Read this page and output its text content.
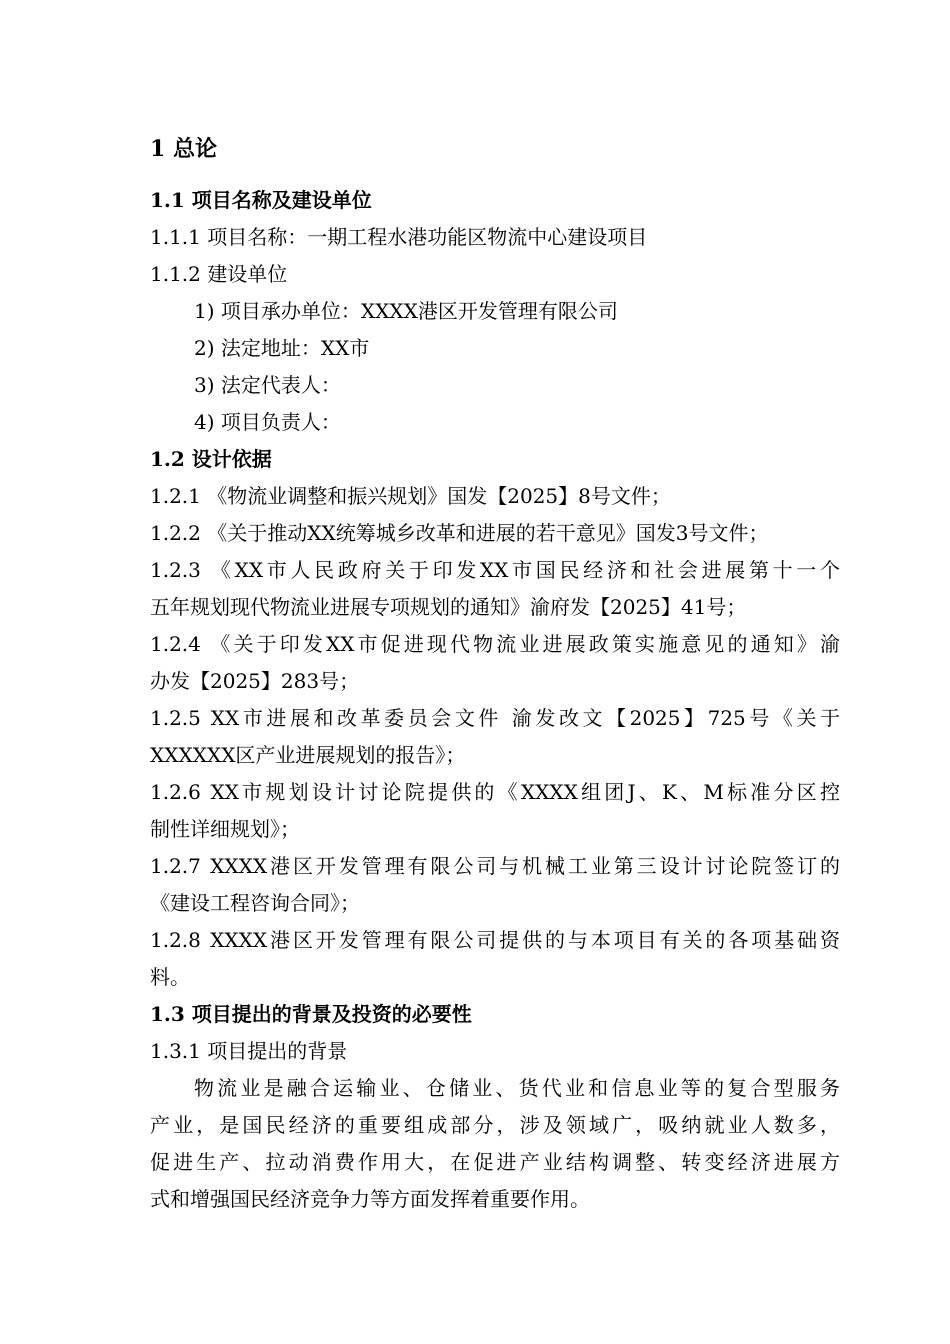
1 总论
1.1 项目名称及建设单位
1.1.1 项目名称：一期工程水港功能区物流中心建设项目
1.1.2 建设单位
1) 项目承办单位：XXXX港区开发管理有限公司
2) 法定地址：XX市
3) 法定代表人：
4) 项目负责人：
1.2 设计依据
1.2.1 《物流业调整和振兴规划》国发【2025】8号文件；
1.2.2 《关于推动XX统筹城乡改革和进展的若干意见》国发3号文件；
1.2.3 《XX市人民政府关于印发XX市国民经济和社会进展第十一个
五年规划现代物流业进展专项规划的通知》渝府发【2025】41号；
1.2.4 《关于印发XX市促进现代物流业进展政策实施意见的通知》渝
办发【2025】283号；
1.2.5 XX市进展和改革委员会文件 渝发改文【2025】725号《关于
XXXXXX区产业进展规划的报告》；
1.2.6 XX市规划设计讨论院提供的《XXXX组团J、K、M标准分区控
制性详细规划》；
1.2.7 XXXX港区开发管理有限公司与机械工业第三设计讨论院签订的
《建设工程咨询合同》；
1.2.8 XXXX港区开发管理有限公司提供的与本项目有关的各项基础资
料。
1.3 项目提出的背景及投资的必要性
1.3.1 项目提出的背景
物流业是融合运输业、仓储业、货代业和信息业等的复合型服务
产业，是国民经济的重要组成部分，涉及领域广，吸纳就业人数多，
促进生产、拉动消费作用大，在促进产业结构调整、转变经济进展方
式和增强国民经济竞争力等方面发挥着重要作用。
